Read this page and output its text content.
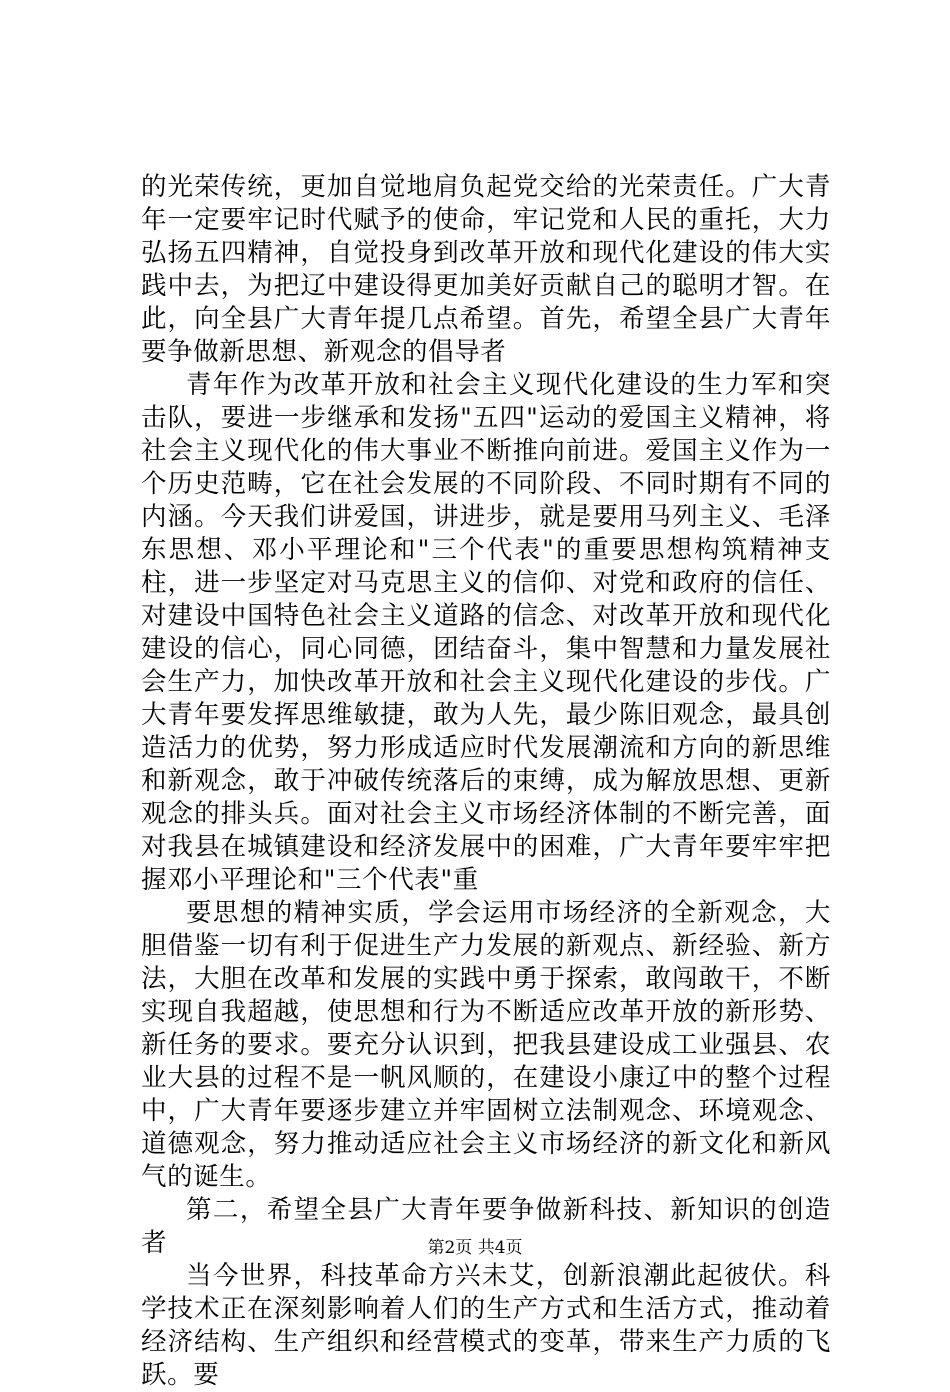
的光荣传统，更加自觉地肩负起党交给的光荣责任。广大青年一定要牢记时代赋予的使命，牢记党和人民的重托，大力弘扬五四精神，自觉投身到改革开放和现代化建设的伟大实践中去，为把辽中建设得更加美好贡献自己的聪明才智。在此，向全县广大青年提几点希望。首先，希望全县广大青年要争做新思想、新观念的倡导者

青年作为改革开放和社会主义现代化建设的生力军和突击队，要进一步继承和发扬"五四"运动的爱国主义精神，将社会主义现代化的伟大事业不断推向前进。爱国主义作为一个历史范畴，它在社会发展的不同阶段、不同时期有不同的内涵。今天我们讲爱国，讲进步，就是要用马列主义、毛泽东思想、邓小平理论和"三个代表"的重要思想构筑精神支柱，进一步坚定对马克思主义的信仰、对党和政府的信任、对建设中国特色社会主义道路的信念、对改革开放和现代化建设的信心，同心同德，团结奋斗，集中智慧和力量发展社会生产力，加快改革开放和社会主义现代化建设的步伐。广大青年要发挥思维敏捷，敢为人先，最少陈旧观念，最具创造活力的优势，努力形成适应时代发展潮流和方向的新思维和新观念，敢于冲破传统落后的束缚，成为解放思想、更新观念的排头兵。面对社会主义市场经济体制的不断完善，面对我县在城镇建设和经济发展中的困难，广大青年要牢牢把握邓小平理论和"三个代表"重

要思想的精神实质，学会运用市场经济的全新观念，大胆借鉴一切有利于促进生产力发展的新观点、新经验、新方法，大胆在改革和发展的实践中勇于探索，敢闯敢干，不断实现自我超越，使思想和行为不断适应改革开放的新形势、新任务的要求。要充分认识到，把我县建设成工业强县、农业大县的过程不是一帆风顺的，在建设小康辽中的整个过程中，广大青年要逐步建立并牢固树立法制观念、环境观念、道德观念，努力推动适应社会主义市场经济的新文化和新风气的诞生。

第二，希望全县广大青年要争做新科技、新知识的创造者

当今世界，科技革命方兴未艾，创新浪潮此起彼伏。科学技术正在深刻影响着人们的生产方式和生活方式，推动着经济结构、生产组织和经营模式的变革，带来生产力质的飞跃。要

第2页 共4页
